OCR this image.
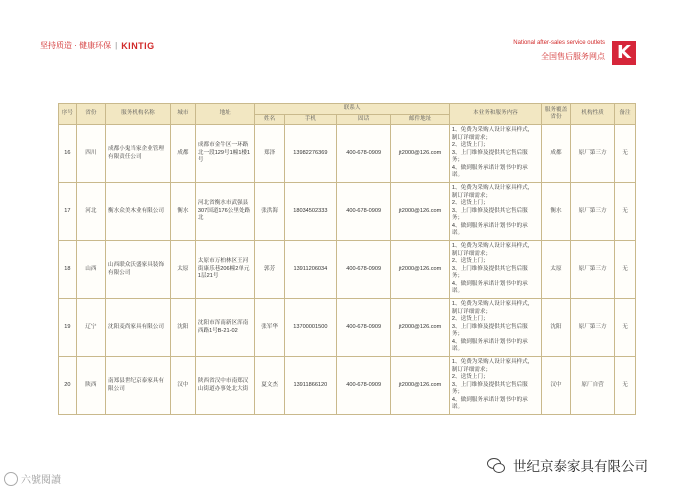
坚持质造 · 健康环保 | KINTIG	National after-sales service outlets
全国售后服务网点 K
序号	省份	服务机构名称	城市	地址	联系人				本业务和服务内容	服务覆盖省份	机构性质	备注
					姓名	手机	固话	邮件地址				
16	四川	成都小鬼当家企业管理有限责任公司	成都	成都市金牛区一环路北一段129号1幢1楼1号	郑泽	13982276369	400-678-0909	jt2000@126.com	1、免费为采购人设计家具样式，制订详细需求；
2、送货上门；
3、上门维修及提供其它售后服务；
4、做到服务承诺计划书中的承诺。	成都	原厂第三方	无
17	河北	衡水众美木业有限公司	衡水	河北省衡水市武强县307国道176公里处路北	张洪海	18034502333	400-678-0909	jt2000@126.com	1、免费为采购人设计家具样式，制订详细需求；
2、送货上门；
3、上门维修及提供其它售后服务；
4、做到服务承诺计划书中的承诺。	衡水	原厂第三方	无
18	山西	山西联众沃盛家具装饰有限公司	太原	太原市万柏林区王河街康乐巷206幢2单元1层21号	郭芳	13911206034	400-678-0909	jt2000@126.com	1、免费为采购人设计家具样式，制订详细需求；
2、送货上门；
3、上门维修及提供其它售后服务；
4、做到服务承诺计划书中的承诺。	太原	原厂第三方	无
19	辽宁	沈阳麦尚家具有限公司	沈阳	沈阳市浑南新区浑南西路1号B-21-02	张军华	13700001500	400-678-0909	jt2000@126.com	1、免费为采购人设计家具样式，制订详细需求；
2、送货上门；
3、上门维修及提供其它售后服务；
4、做到服务承诺计划书中的承诺。	沈阳	原厂第三方	无
20	陕西	南郑县世纪京泰家具有限公司	汉中	陕西省汉中市南郑汉山街道办事处北大街	夏文杰	13911866120	400-678-0909	jt2000@126.com	1、免费为采购人设计家具样式，制订详细需求；
2、送货上门；
3、上门维修及提供其它售后服务；
4、做到服务承诺计划书中的承诺。	汉中	原厂自营	无
六號閱讀
世纪京泰家具有限公司
